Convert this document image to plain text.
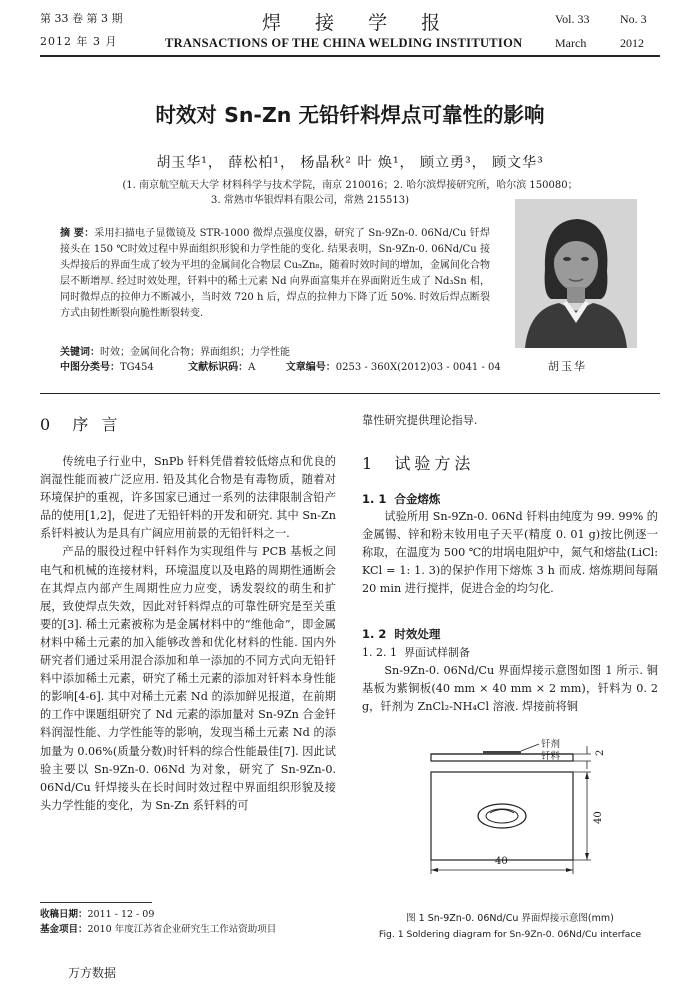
第 33 卷 第 3 期
2012 年 3 月
焊 接 学 报
TRANSACTIONS OF THE CHINA WELDING INSTITUTION
Vol. 33	No. 3
March	2012
时效对 Sn-Zn 无铅钎料焊点可靠性的影响
胡玉华¹， 薛松柏¹， 杨晶秋² 叶 焕¹， 顾立勇³， 顾文华³
(1. 南京航空航天大学 材料科学与技术学院，南京 210016；2. 哈尔滨焊接研究所，哈尔滨 150080；
3. 常熟市华银焊料有限公司，常熟 215513)
摘 要：采用扫描电子显微镜及 STR-1000 微焊点强度仪器，研究了 Sn-9Zn-0. 06Nd/Cu 钎焊接头在 150 ℃时效过程中界面组织形貌和力学性能的变化. 结果表明，Sn-9Zn-0. 06Nd/Cu 接头焊接后的界面生成了较为平坦的金属间化合物层 Cu₅Zn₈，随着时效时间的增加，金属间化合物层不断增厚. 经过时效处理，钎料中的稀土元素 Nd 向界面富集并在界面附近生成了 Nd₃Sn 相，同时微焊点的拉伸力不断减小，当时效 720 h 后，焊点的拉伸力下降了近 50%. 时效后焊点断裂方式由韧性断裂向脆性断裂转变.
关键词：时效；金属间化合物；界面组织；力学性能
中图分类号：TG454	文献标识码：A	文章编号：0253 - 360X(2012)03 - 0041 - 04	胡玉华
0 序 言

传统电子行业中，SnPb 钎料凭借着较低熔点和优良的润湿性能而被广泛应用. 铅及其化合物是有毒物质，随着对环境保护的重视，许多国家已通过一系列的法律限制含铅产品的使用[1,2]，促进了无铅钎料的开发和研究. 其中 Sn-Zn 系钎料被认为是具有广阔应用前景的无铅钎料之一.

产品的服役过程中钎料作为实现组件与 PCB 基板之间电气和机械的连接材料，环境温度以及电路的周期性通断会在其焊点内部产生周期性应力应变，诱发裂纹的萌生和扩展，致使焊点失效，因此对钎料焊点的可靠性研究是至关重要的[3]. 稀土元素被称为是金属材料中的“维他命”，即金属材料中稀土元素的加入能够改善和优化材料的性能. 国内外研究者们通过采用混合添加和单一添加的不同方式向无铅钎料中添加稀土元素，研究了稀土元素的添加对钎料本身性能的影响[4-6]. 其中对稀土元素 Nd 的添加鲜见报道，在前期的工作中课题组研究了 Nd 元素的添加量对 Sn-9Zn 合金钎料润湿性能、力学性能等的影响，发现当稀土元素 Nd 的添加量为 0.06%(质量分数)时钎料的综合性能最佳[7]. 因此试验主要以 Sn-9Zn-0. 06Nd 为对象，研究了 Sn-9Zn-0. 06Nd/Cu 钎焊接头在长时间时效过程中界面组织形貌及接头力学性能的变化，为 Sn-Zn 系钎料的可

收稿日期：2011 - 12 - 09
基金项目：2010 年度江苏省企业研究生工作站资助项目
万方数据
靠性研究提供理论指导.
1 试验方法
1. 1 合金熔炼

试验所用 Sn-9Zn-0. 06Nd 钎料由纯度为 99. 99% 的金属锡、锌和粉末钕用电子天平(精度 0. 01 g)按比例逐一称取，在温度为 500 ℃的坩埚电阻炉中，氮气和熔盐(LiCl: KCl = 1: 1. 3)的保护作用下熔炼 3 h 而成. 熔炼期间每隔 20 min 进行搅拌，促进合金的均匀化.

1. 2 时效处理
1. 2. 1 界面试样制备

Sn-9Zn-0. 06Nd/Cu 界面焊接示意图如图 1 所示. 铜基板为紫铜板(40 mm × 40 mm × 2 mm)，钎料为 0. 2 g，钎剂为 ZnCl₂-NH₄Cl 溶液. 焊接前将铜

钎剂
钎料	2
40
40
图 1 Sn-9Zn-0. 06Nd/Cu 界面焊接示意图(mm)
Fig. 1 Soldering diagram for Sn-9Zn-0. 06Nd/Cu interface
